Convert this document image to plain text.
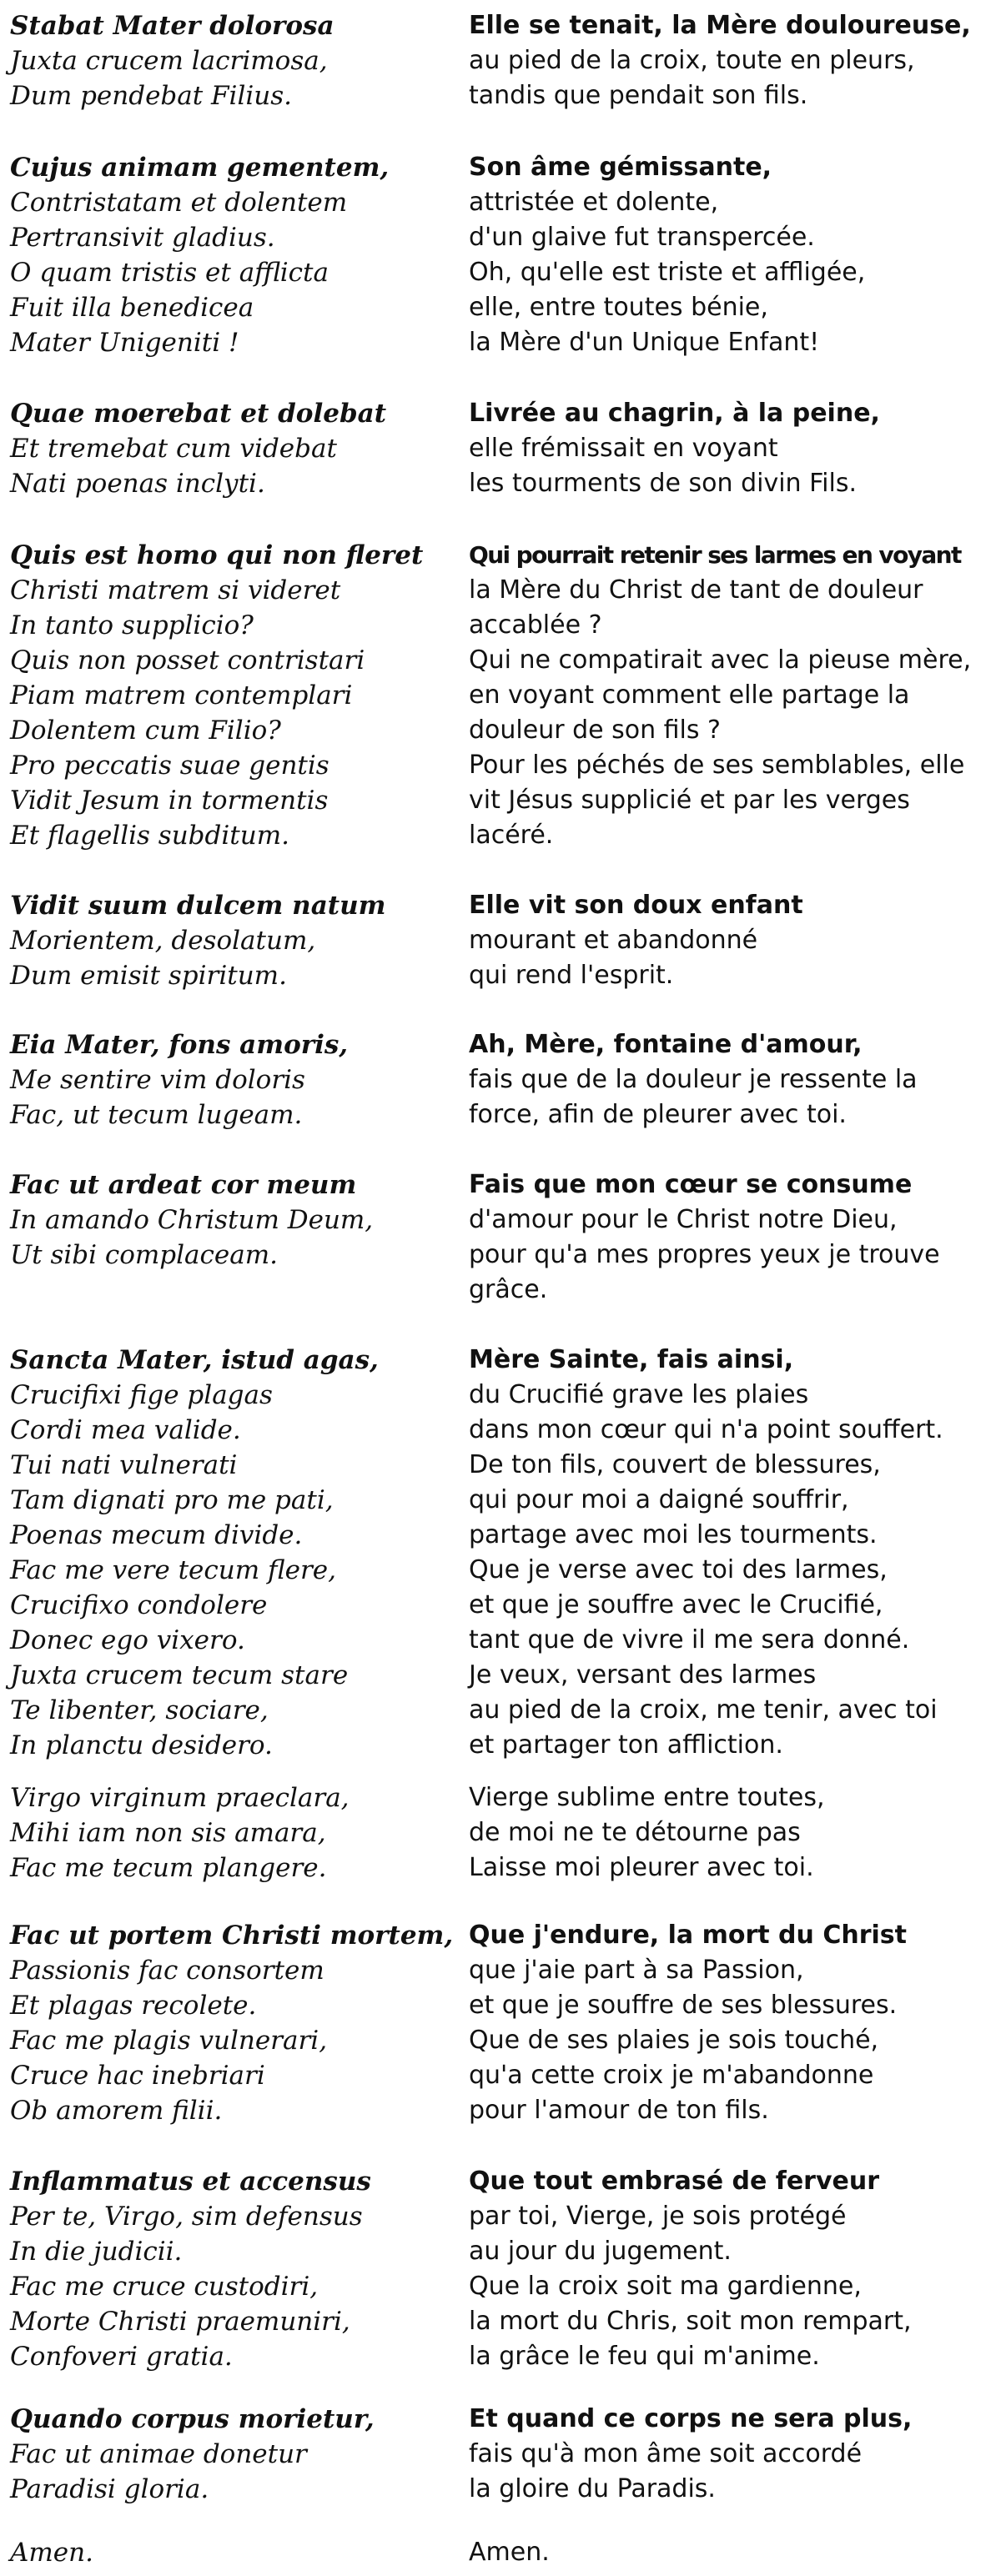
Stabat Mater dolorosa
Juxta crucem lacrimosa,
Dum pendebat Filius.
Elle se tenait, la Mère douloureuse,
au pied de la croix, toute en pleurs,
tandis que pendait son fils.
Cujus animam gementem,
Contristatam et dolentem
Pertransivit gladius.
O quam tristis et afflicta
Fuit illa benedicea
Mater Unigeniti !
Son âme gémissante,
attristée et dolente,
d'un glaive fut transpercée.
Oh, qu'elle est triste et affligée,
elle, entre toutes bénie,
la Mère d'un Unique Enfant!
Quae moerebat et dolebat
Et tremebat cum videbat
Nati poenas inclyti.
Livrée au chagrin, à la peine,
elle frémissait en voyant
les tourments de son divin Fils.
Quis est homo qui non fleret
Christi matrem si videret
In tanto supplicio?
Quis non posset contristari
Piam matrem contemplari
Dolentem cum Filio?
Pro peccatis suae gentis
Vidit Jesum in tormentis
Et flagellis subditum.
Qui pourrait retenir ses larmes en voyant
la Mère du Christ de tant de douleur
accablée ?
Qui ne compatirait avec la pieuse mère,
en voyant comment elle partage la
douleur de son fils ?
Pour les péchés de ses semblables, elle
vit Jésus supplicié et par les verges
lacéré.
Vidit suum dulcem natum
Morientem, desolatum,
Dum emisit spiritum.
Elle vit son doux enfant
mourant et abandonné
qui rend l'esprit.
Eia Mater, fons amoris,
Me sentire vim doloris
Fac, ut tecum lugeam.
Ah, Mère, fontaine d'amour,
fais que de la douleur je ressente la
force, afin de pleurer avec toi.
Fac ut ardeat cor meum
In amando Christum Deum,
Ut sibi complaceam.
Fais que mon cœur se consume
d'amour pour le Christ notre Dieu,
pour qu'a mes propres yeux je trouve
grâce.
Sancta Mater, istud agas,
Crucifixi fige plagas
Cordi mea valide.
Tui nati vulnerati
Tam dignati pro me pati,
Poenas mecum divide.
Fac me vere tecum flere,
Crucifixo condolere
Donec ego vixero.
Juxta crucem tecum stare
Te libenter, sociare,
In planctu desidero.
Mère Sainte, fais ainsi,
du Crucifié grave les plaies
dans mon cœur qui n'a point souffert.
De ton fils, couvert de blessures,
qui pour moi a daigné souffrir,
partage avec moi les tourments.
Que je verse avec toi des larmes,
et que je souffre avec le Crucifié,
tant que de vivre il me sera donné.
Je veux, versant des larmes
au pied de la croix, me tenir, avec toi
et partager ton affliction.
Virgo virginum praeclara,
Mihi iam non sis amara,
Fac me tecum plangere.
Vierge sublime entre toutes,
de moi ne te détourne pas
Laisse moi pleurer avec toi.
Fac ut portem Christi mortem,
Passionis fac consortem
Et plagas recolete.
Fac me plagis vulnerari,
Cruce hac inebriari
Ob amorem filii.
Que j'endure, la mort du Christ
que j'aie part à sa Passion,
et que je souffre de ses blessures.
Que de ses plaies je sois touché,
qu'a cette croix je m'abandonne
pour l'amour de ton fils.
Inflammatus et accensus
Per te, Virgo, sim defensus
In die judicii.
Fac me cruce custodiri,
Morte Christi praemuniri,
Confoveri gratia.
Que tout embrasé de ferveur
par toi, Vierge, je sois protégé
au jour du jugement.
Que la croix soit ma gardienne,
la mort du Chris, soit mon rempart,
la grâce le feu qui m'anime.
Quando corpus morietur,
Fac ut animae donetur
Paradisi gloria.
Et quand ce corps ne sera plus,
fais qu'à mon âme soit accordé
la gloire du Paradis.
Amen.	Amen.
